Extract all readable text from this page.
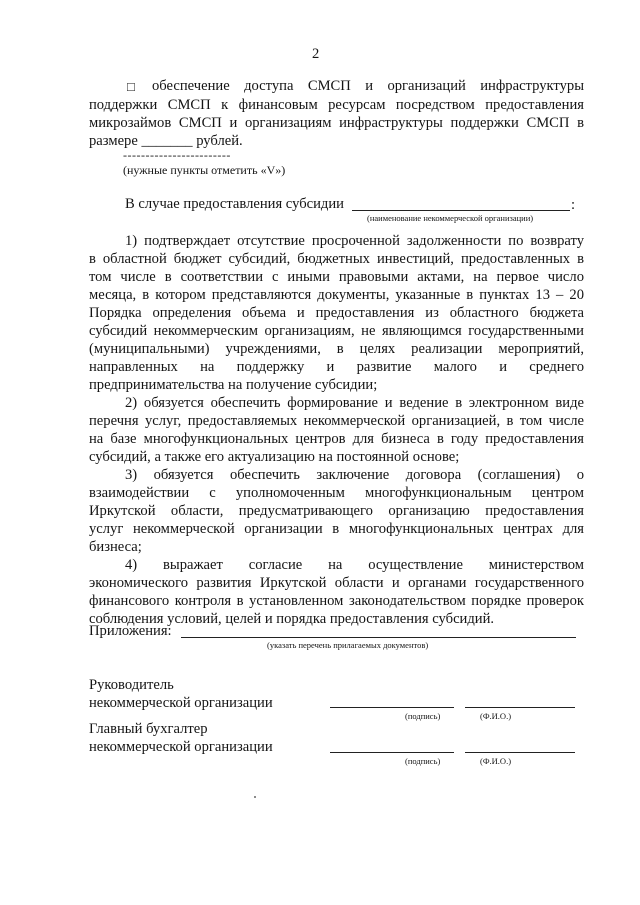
2
□ обеспечение доступа СМСП и организаций инфраструктуры
поддержки СМСП к финансовым ресурсам посредством предоставления
микрозаймов СМСП и организациям инфраструктуры поддержки СМСП в
размере _______ рублей.
------------------------
(нужные пункты отметить «V»)
В случае предоставления субсидии	:
(наименование некоммерческой организации)
1) подтверждает отсутствие просроченной задолженности по возврату
в областной бюджет субсидий, бюджетных инвестиций, предоставленных в
том числе в соответствии с иными правовыми актами, на первое число
месяца, в котором представляются документы, указанные в пунктах 13 – 20
Порядка определения объема и предоставления из областного бюджета
субсидий некоммерческим организациям, не являющимся государственными
(муниципальными) учреждениями, в целях реализации мероприятий,
направленных на поддержку и развитие малого и среднего
предпринимательства на получение субсидии;
2) обязуется обеспечить формирование и ведение в электронном виде
перечня услуг, предоставляемых некоммерческой организацией, в том числе
на базе многофункциональных центров для бизнеса в году предоставления
субсидий, а также его актуализацию на постоянной основе;
3) обязуется обеспечить заключение договора (соглашения) о
взаимодействии с уполномоченным многофункциональным центром
Иркутской области, предусматривающего организацию предоставления
услуг некоммерческой организации в многофункциональных центрах для
бизнеса;
4) выражает согласие на осуществление министерством
экономического развития Иркутской области и органами государственного
финансового контроля в установленном законодательством порядке проверок
соблюдения условий, целей и порядка предоставления субсидий.
Приложения:
(указать перечень прилагаемых документов)
Руководитель
некоммерческой организации
(подпись)	(Ф.И.О.)
Главный бухгалтер
некоммерческой организации
(подпись)	(Ф.И.О.)
